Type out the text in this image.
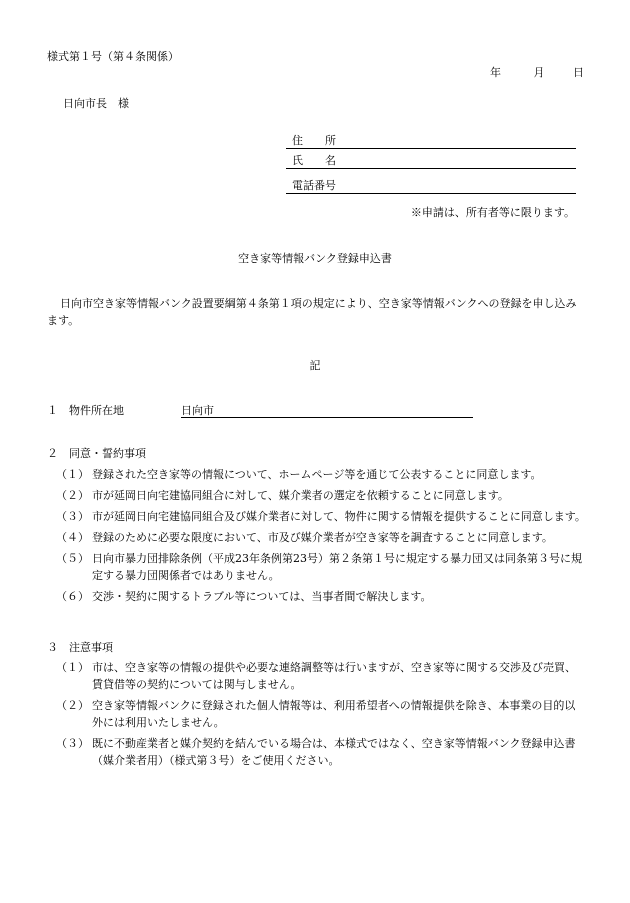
様式第１号（第４条関係）
年	月	日
日向市長　様
住　　所
氏　　名
電話番号
※申請は、所有者等に限ります。
空き家等情報バンク登録申込書
日向市空き家等情報バンク設置要綱第４条第１項の規定により、空き家等情報バンクへの登録を申し込みます。
記
１　物件所在地	日向市
２　同意・誓約事項
（１） 登録された空き家等の情報について、ホームページ等を通じて公表することに同意します。
（２） 市が延岡日向宅建協同組合に対して、媒介業者の選定を依頼することに同意します。
（３） 市が延岡日向宅建協同組合及び媒介業者に対して、物件に関する情報を提供することに同意します。
（４） 登録のために必要な限度において、市及び媒介業者が空き家等を調査することに同意します。
（５） 日向市暴力団排除条例（平成23年条例第23号）第２条第１号に規定する暴力団又は同条第３号に規定する暴力団関係者ではありません。
（６） 交渉・契約に関するトラブル等については、当事者間で解決します。
３　注意事項
（１） 市は、空き家等の情報の提供や必要な連絡調整等は行いますが、空き家等に関する交渉及び売買、賃貸借等の契約については関与しません。
（２） 空き家等情報バンクに登録された個人情報等は、利用希望者への情報提供を除き、本事業の目的以外には利用いたしません。
（３） 既に不動産業者と媒介契約を結んでいる場合は、本様式ではなく、空き家等情報バンク登録申込書（媒介業者用）（様式第３号）をご使用ください。
